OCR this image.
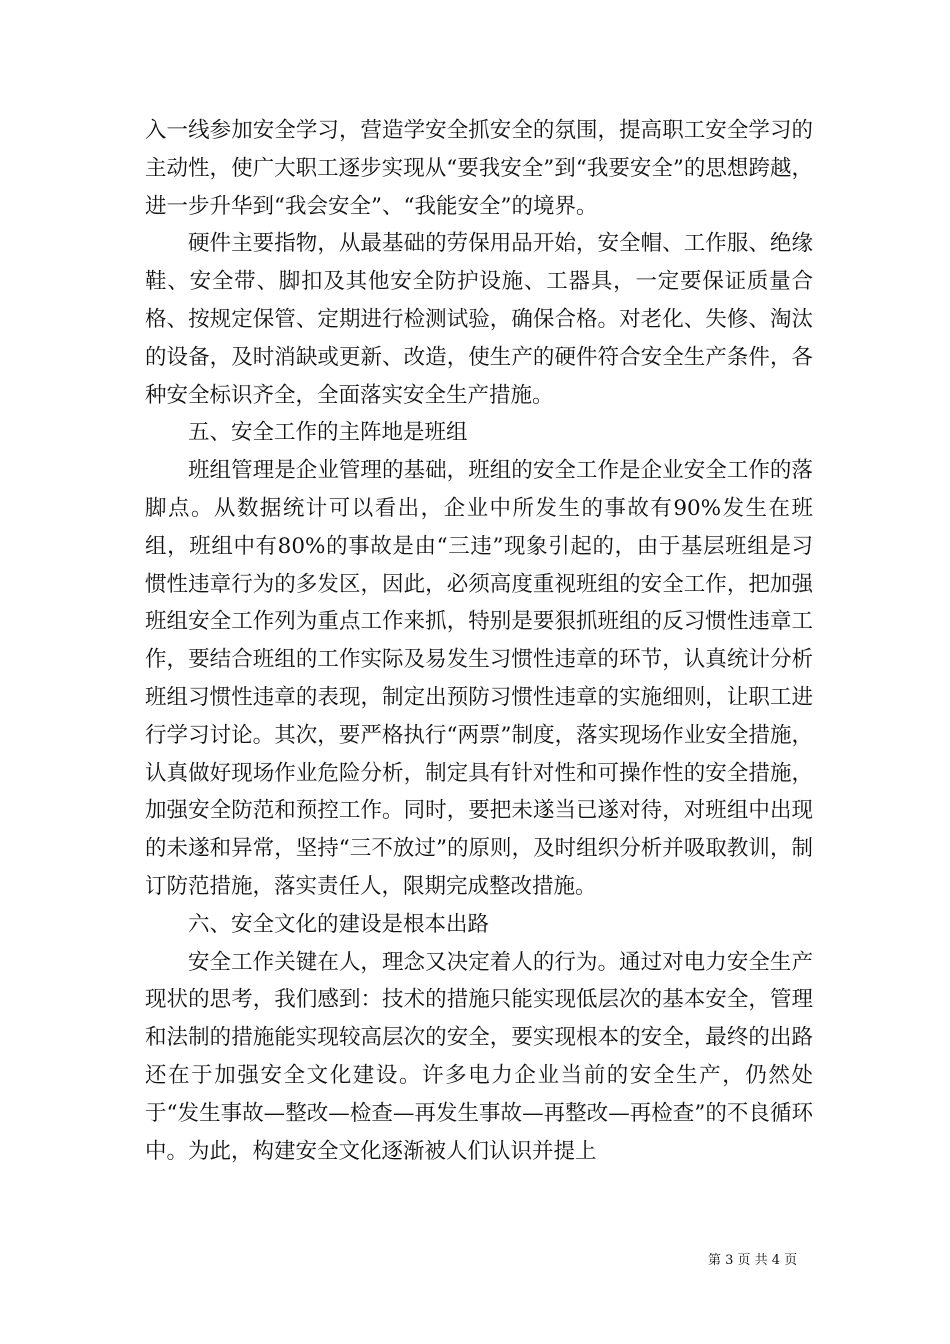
入一线参加安全学习，营造学安全抓安全的氛围，提高职工安全学习的主动性，使广大职工逐步实现从“要我安全”到“我要安全”的思想跨越，进一步升华到“我会安全”、“我能安全”的境界。

硬件主要指物，从最基础的劳保用品开始，安全帽、工作服、绝缘鞋、安全带、脚扣及其他安全防护设施、工器具，一定要保证质量合格、按规定保管、定期进行检测试验，确保合格。对老化、失修、淘汰的设备，及时消缺或更新、改造，使生产的硬件符合安全生产条件，各种安全标识齐全，全面落实安全生产措施。

五、安全工作的主阵地是班组

班组管理是企业管理的基础，班组的安全工作是企业安全工作的落脚点。从数据统计可以看出，企业中所发生的事故有90%发生在班组，班组中有80%的事故是由“三违”现象引起的，由于基层班组是习惯性违章行为的多发区，因此，必须高度重视班组的安全工作，把加强班组安全工作列为重点工作来抓，特别是要狠抓班组的反习惯性违章工作，要结合班组的工作实际及易发生习惯性违章的环节，认真统计分析班组习惯性违章的表现，制定出预防习惯性违章的实施细则，让职工进行学习讨论。其次，要严格执行“两票”制度，落实现场作业安全措施，认真做好现场作业危险分析，制定具有针对性和可操作性的安全措施，加强安全防范和预控工作。同时，要把未遂当已遂对待，对班组中出现的未遂和异常，坚持“三不放过”的原则，及时组织分析并吸取教训，制订防范措施，落实责任人，限期完成整改措施。

六、安全文化的建设是根本出路

安全工作关键在人，理念又决定着人的行为。通过对电力安全生产现状的思考，我们感到：技术的措施只能实现低层次的基本安全，管理和法制的措施能实现较高层次的安全，要实现根本的安全，最终的出路还在于加强安全文化建设。许多电力企业当前的安全生产，仍然处于“发生事故—整改—检查—再发生事故—再整改—再检查”的不良循环中。为此，构建安全文化逐渐被人们认识并提上

第 3 页 共 4 页
